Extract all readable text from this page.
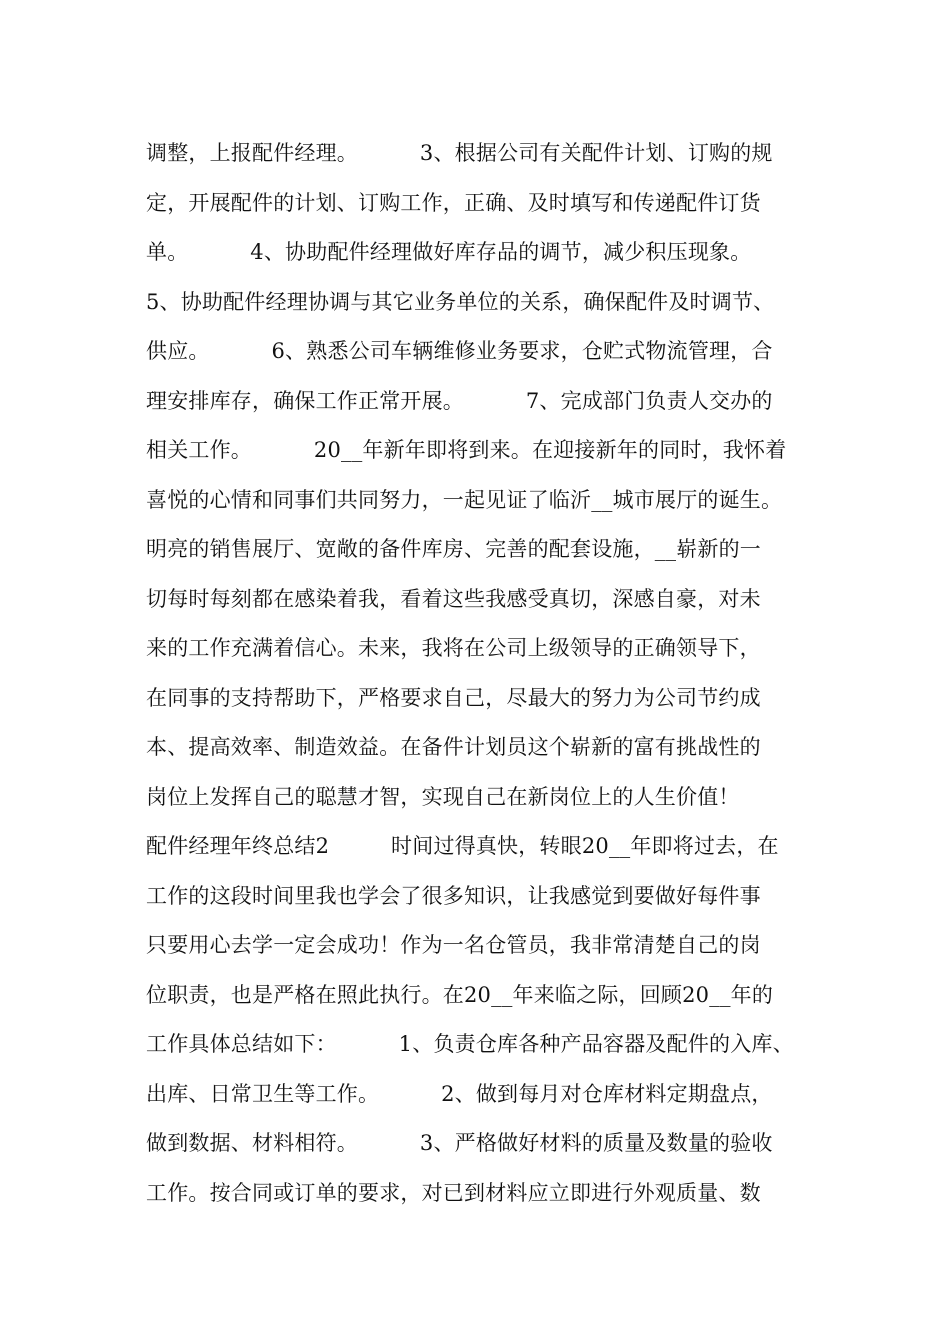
调整，上报配件经理。         3、根据公司有关配件计划、订购的规
定，开展配件的计划、订购工作，正确、及时填写和传递配件订货
单。         4、协助配件经理做好库存品的调节，减少积压现象。
5、协助配件经理协调与其它业务单位的关系，确保配件及时调节、
供应。         6、熟悉公司车辆维修业务要求，仓贮式物流管理，合
理安排库存，确保工作正常开展。         7、完成部门负责人交办的
相关工作。         20__年新年即将到来。在迎接新年的同时，我怀着
喜悦的心情和同事们共同努力，一起见证了临沂__城市展厅的诞生。
明亮的销售展厅、宽敞的备件库房、完善的配套设施，__崭新的一
切每时每刻都在感染着我，看着这些我感受真切，深感自豪，对未
来的工作充满着信心。未来，我将在公司上级领导的正确领导下，
在同事的支持帮助下，严格要求自己，尽最大的努力为公司节约成
本、提高效率、制造效益。在备件计划员这个崭新的富有挑战性的
岗位上发挥自己的聪慧才智，实现自己在新岗位上的人生价值！
配件经理年终总结2         时间过得真快，转眼20__年即将过去，在
工作的这段时间里我也学会了很多知识，让我感觉到要做好每件事
只要用心去学一定会成功！作为一名仓管员，我非常清楚自己的岗
位职责，也是严格在照此执行。在20__年来临之际，回顾20__年的
工作具体总结如下：         1、负责仓库各种产品容器及配件的入库、
出库、日常卫生等工作。         2、做到每月对仓库材料定期盘点，
做到数据、材料相符。         3、严格做好材料的质量及数量的验收
工作。按合同或订单的要求，对已到材料应立即进行外观质量、数
